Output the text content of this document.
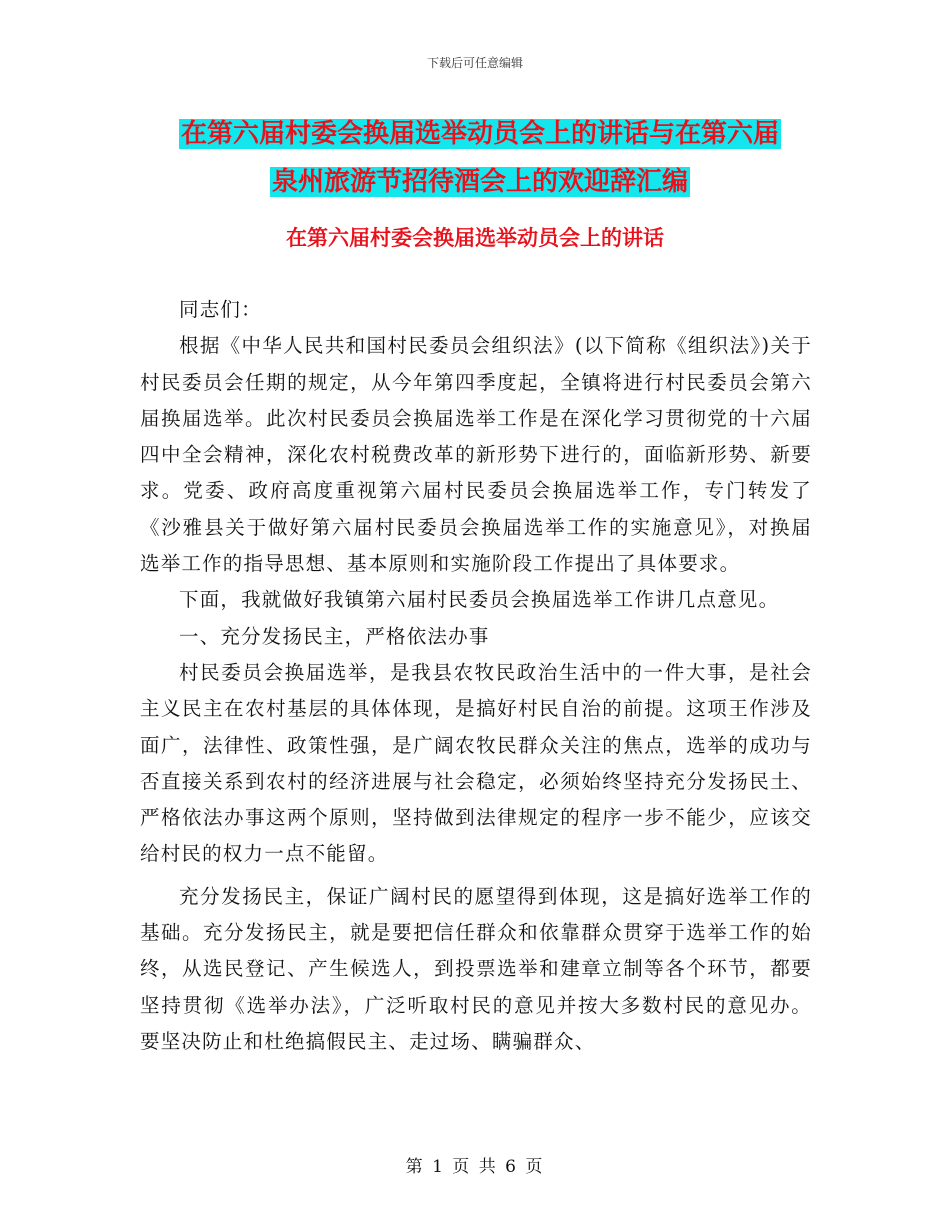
下载后可任意编辑
在第六届村委会换届选举动员会上的讲话与在第六届
泉州旅游节招待酒会上的欢迎辞汇编
在第六届村委会换届选举动员会上的讲话

同志们：

根据《中华人民共和国村民委员会组织法》(以下简称《组织法》)关于村民委员会任期的规定，从今年第四季度起，全镇将进行村民委员会第六届换届选举。此次村民委员会换届选举工作是在深化学习贯彻党的十六届四中全会精神，深化农村税费改革的新形势下进行的，面临新形势、新要求。党委、政府高度重视第六届村民委员会换届选举工作，专门转发了《沙雅县关于做好第六届村民委员会换届选举工作的实施意见》，对换届选举工作的指导思想、基本原则和实施阶段工作提出了具体要求。

下面，我就做好我镇第六届村民委员会换届选举工作讲几点意见。

一、充分发扬民主，严格依法办事

村民委员会换届选举，是我县农牧民政治生活中的一件大事，是社会主义民主在农村基层的具体体现，是搞好村民自治的前提。这项王作涉及面广，法律性、政策性强，是广阔农牧民群众关注的焦点，选举的成功与否直接关系到农村的经济进展与社会稳定，必须始终坚持充分发扬民土、严格依法办事这两个原则，坚持做到法律规定的程序一步不能少，应该交给村民的权力一点不能留。

充分发扬民主，保证广阔村民的愿望得到体现，这是搞好选举工作的基础。充分发扬民主，就是要把信任群众和依靠群众贯穿于选举工作的始终，从选民登记、产生候选人，到投票选举和建章立制等各个环节，都要坚持贯彻《选举办法》，广泛听取村民的意见并按大多数村民的意见办。要坚决防止和杜绝搞假民主、走过场、瞒骗群众、

第 1 页 共 6 页
